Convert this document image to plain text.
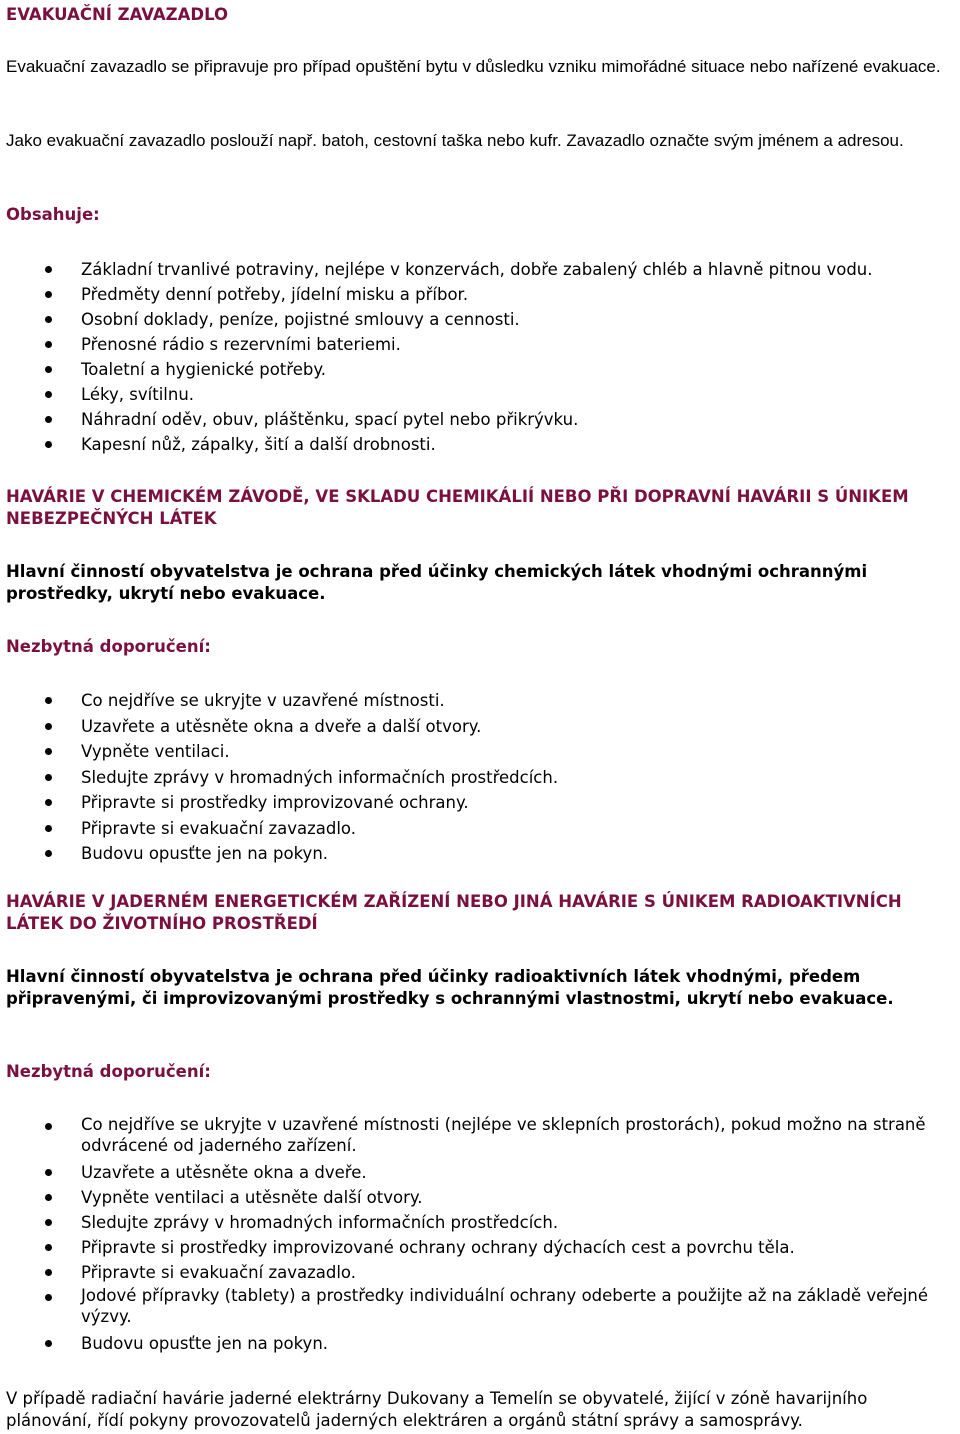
EVAKUAČNÍ ZAVAZADLO
Evakuační zavazadlo se připravuje pro případ opuštění bytu v důsledku vzniku mimořádné situace nebo nařízené evakuace.
Jako evakuační zavazadlo poslouží např. batoh, cestovní taška nebo kufr. Zavazadlo označte svým jménem a adresou.
Obsahuje:
Základní trvanlivé potraviny, nejlépe v konzervách, dobře zabalený chléb a hlavně pitnou vodu.
Předměty denní potřeby, jídelní misku a příbor.
Osobní doklady, peníze, pojistné smlouvy a cennosti.
Přenosné rádio s rezervními bateriemi.
Toaletní a hygienické potřeby.
Léky, svítilnu.
Náhradní oděv, obuv, pláštěnku, spací pytel nebo přikrývku.
Kapesní nůž, zápalky, šití a další drobnosti.
HAVÁRIE V CHEMICKÉM ZÁVODĚ, VE SKLADU CHEMIKÁLIÍ NEBO PŘI DOPRAVNÍ HAVÁRII S ÚNIKEM NEBEZPEČNÝCH LÁTEK
Hlavní činností obyvatelstva je ochrana před účinky chemických látek vhodnými ochrannými prostředky, ukrytí nebo evakuace.
Nezbytná doporučení:
Co nejdříve se ukryjte v uzavřené místnosti.
Uzavřete a utěsněte okna a dveře a další otvory.
Vypněte ventilaci.
Sledujte zprávy v hromadných informačních prostředcích.
Připravte si prostředky improvizované ochrany.
Připravte si evakuační zavazadlo.
Budovu opusťte jen na pokyn.
HAVÁRIE V JADERNÉM ENERGETICKÉM ZAŘÍZENÍ NEBO JINÁ HAVÁRIE S ÚNIKEM RADIOAKTIVNÍCH LÁTEK DO ŽIVOTNÍHO PROSTŘEDÍ
Hlavní činností obyvatelstva je ochrana před účinky radioaktivních látek vhodnými, předem připravenými, či improvizovanými prostředky s ochrannými vlastnostmi, ukrytí nebo evakuace.
Nezbytná doporučení:
Co nejdříve se ukryjte v uzavřené místnosti (nejlépe ve sklepních prostorách), pokud možno na straně odvrácené od jaderného zařízení.
Uzavřete a utěsněte okna a dveře.
Vypněte ventilaci a utěsněte další otvory.
Sledujte zprávy v hromadných informačních prostředcích.
Připravte si prostředky improvizované ochrany ochrany dýchacích cest a povrchu těla.
Připravte si evakuační zavazadlo.
Jodové přípravky (tablety) a prostředky individuální ochrany odeberte a použijte až na základě veřejné výzvy.
Budovu opusťte jen na pokyn.
V případě radiační havárie jaderné elektrárny Dukovany a Temelín se obyvatelé, žijící v zóně havarijního plánování, řídí pokyny provozovatelů jaderných elektráren a orgánů státní správy a samosprávy.
